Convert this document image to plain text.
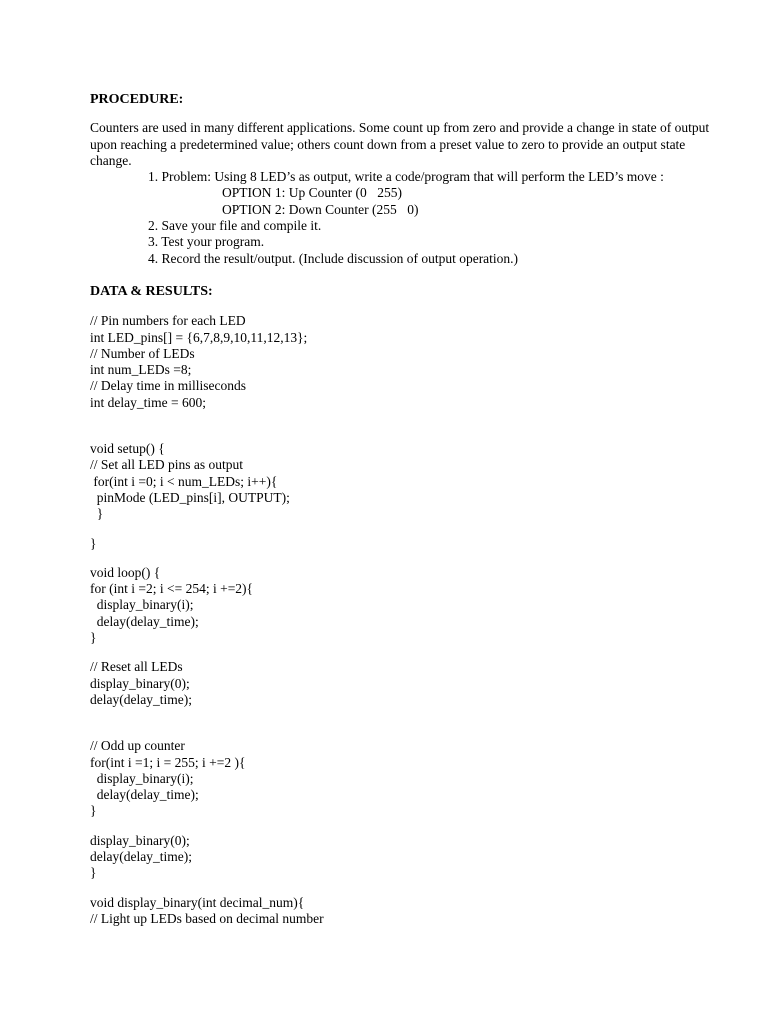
PROCEDURE:

Counters are used in many different applications. Some count up from zero and provide a change in state of output upon reaching a predetermined value; others count down from a preset value to zero to provide an output state change.

1. Problem: Using 8 LED’s as output, write a code/program that will perform the LED’s move :
OPTION 1: Up Counter (0 255)
OPTION 2: Down Counter (255 0)
2. Save your file and compile it.
3. Test your program.
4. Record the result/output. (Include discussion of output operation.)

DATA & RESULTS:

// Pin numbers for each LED
int LED_pins[] = {6,7,8,9,10,11,12,13};
// Number of LEDs
int num_LEDs =8;
// Delay time in milliseconds
int delay_time = 600;
void setup() {
// Set all LED pins as output
for(int i =0; i < num_LEDs; i++){
pinMode (LED_pins[i], OUTPUT);
}
}
void loop() {
for (int i =2; i <= 254; i +=2){
display_binary(i);
delay(delay_time);
}
// Reset all LEDs
display_binary(0);
delay(delay_time);
// Odd up counter
for(int i =1; i = 255; i +=2 ){
display_binary(i);
delay(delay_time);
}
display_binary(0);
delay(delay_time);
}
void display_binary(int decimal_num){
// Light up LEDs based on decimal number
